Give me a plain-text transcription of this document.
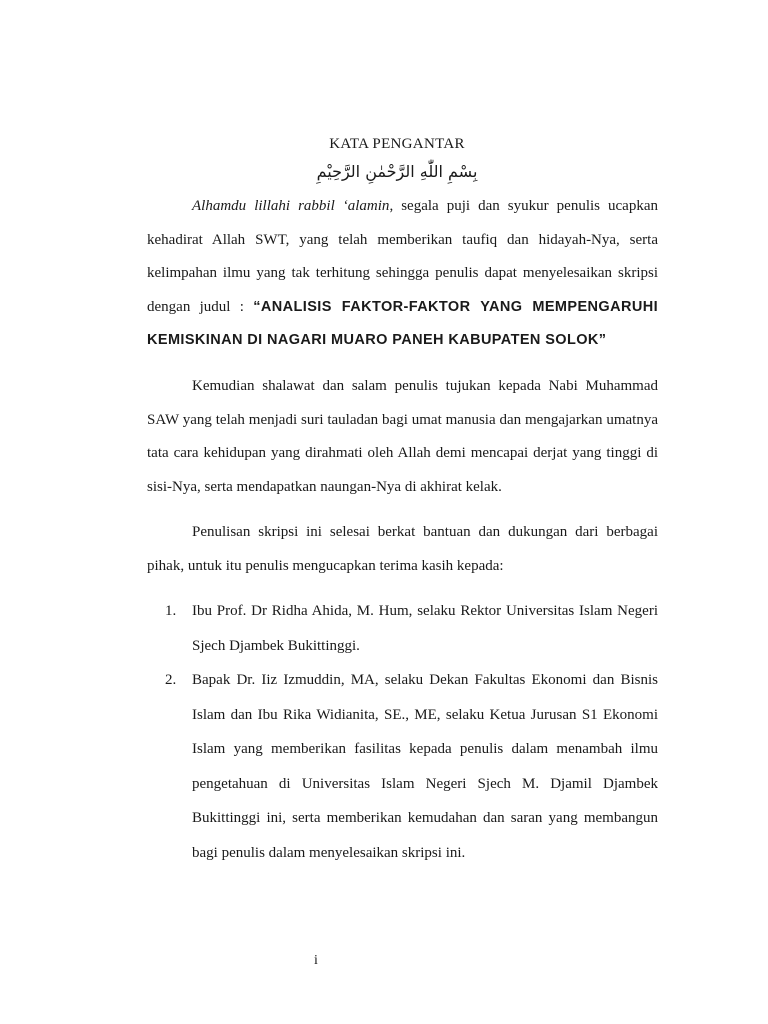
KATA PENGANTAR
بِسْمِ اللّٰهِ الرَّحْمٰنِ الرَّحِيْمِ

Alhamdu lillahi rabbil ‘alamin, segala puji dan syukur penulis ucapkan kehadirat Allah SWT, yang telah memberikan taufiq dan hidayah-Nya, serta kelimpahan ilmu yang tak terhitung sehingga penulis dapat menyelesaikan skripsi dengan judul : “ANALISIS FAKTOR-FAKTOR YANG MEMPENGARUHI KEMISKINAN DI NAGARI MUARO PANEH KABUPATEN SOLOK”

Kemudian shalawat dan salam penulis tujukan kepada Nabi Muhammad SAW yang telah menjadi suri tauladan bagi umat manusia dan mengajarkan umatnya tata cara kehidupan yang dirahmati oleh Allah demi mencapai derjat yang tinggi di sisi-Nya, serta mendapatkan naungan-Nya di akhirat kelak.

Penulisan skripsi ini selesai berkat bantuan dan dukungan dari berbagai pihak, untuk itu penulis mengucapkan terima kasih kepada:

1. Ibu Prof. Dr Ridha Ahida, M. Hum, selaku Rektor Universitas Islam Negeri Sjech Djambek Bukittinggi.
2. Bapak Dr. Iiz Izmuddin, MA, selaku Dekan Fakultas Ekonomi dan Bisnis Islam dan Ibu Rika Widianita, SE., ME, selaku Ketua Jurusan S1 Ekonomi Islam yang memberikan fasilitas kepada penulis dalam menambah ilmu pengetahuan di Universitas Islam Negeri Sjech M. Djamil Djambek Bukittinggi ini, serta memberikan kemudahan dan saran yang membangun bagi penulis dalam menyelesaikan skripsi ini.
i
